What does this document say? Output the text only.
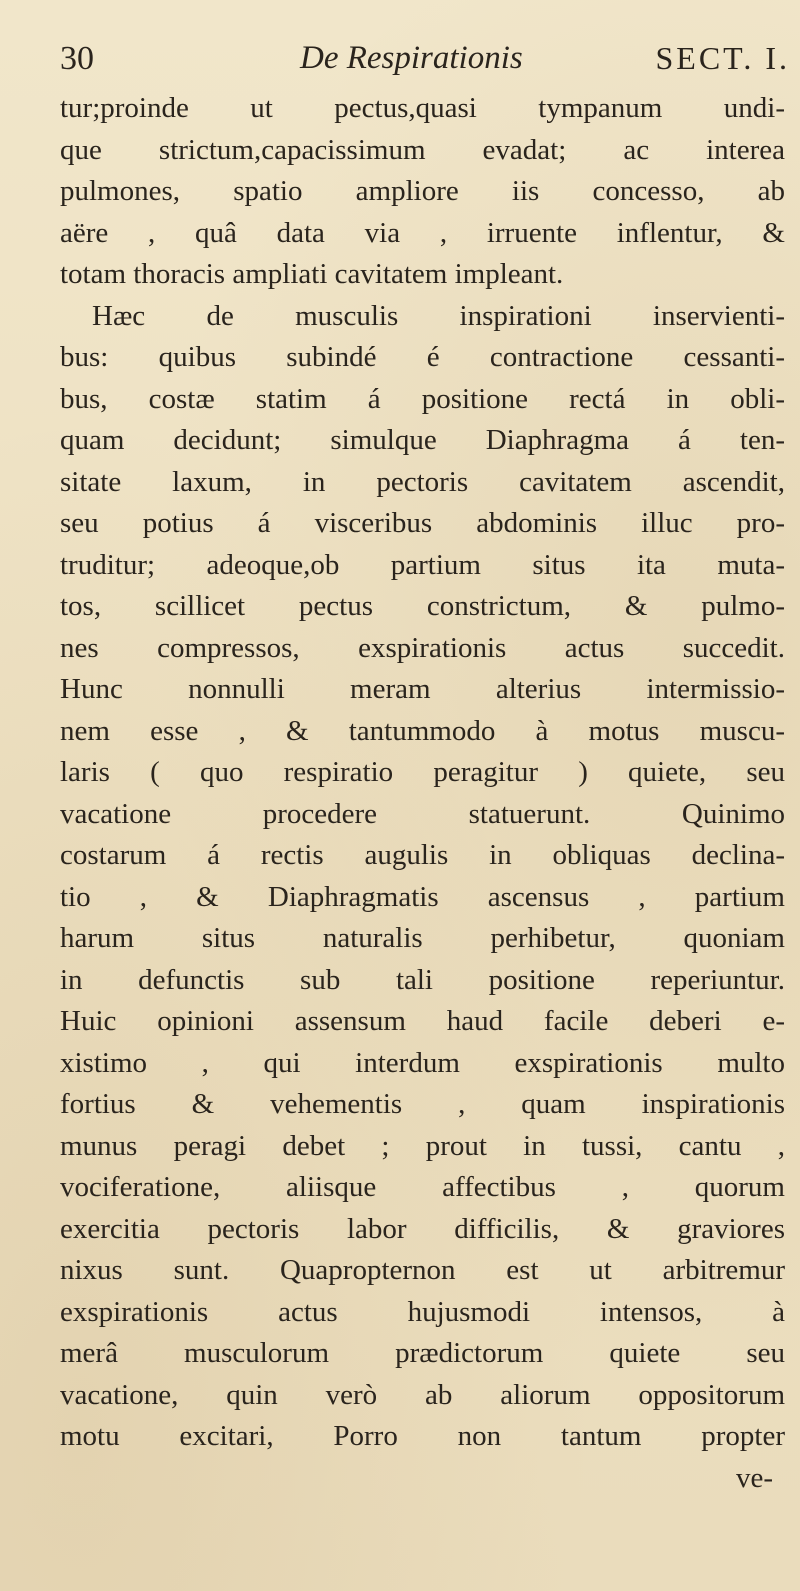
30	De Respirationis	SECT. I.
tur;proinde ut pectus,quasi tympanum undi-
que strictum,capacissimum evadat; ac interea
pulmones, spatio ampliore iis concesso, ab
aëre , quâ data via , irruente inflentur, &
totam thoracis ampliati cavitatem impleant.
Hæc de musculis inspirationi inservienti-
bus: quibus subindé é contractione cessanti-
bus, costæ statim á positione rectá in obli-
quam decidunt; simulque Diaphragma á ten-
sitate laxum, in pectoris cavitatem ascendit,
seu potius á visceribus abdominis illuc pro-
truditur; adeoque,ob partium situs ita muta-
tos, scillicet pectus constrictum, & pulmo-
nes compressos, exspirationis actus succedit.
Hunc nonnulli meram alterius intermissio-
nem esse , & tantummodo à motus muscu-
laris ( quo respiratio peragitur ) quiete, seu
vacatione procedere statuerunt. Quinimo
costarum á rectis augulis in obliquas declina-
tio , & Diaphragmatis ascensus , partium
harum situs naturalis perhibetur, quoniam
in defunctis sub tali positione reperiuntur.
Huic opinioni assensum haud facile deberi e-
xistimo , qui interdum exspirationis multo
fortius & vehementis , quam inspirationis
munus peragi debet ; prout in tussi, cantu ,
vociferatione, aliisque affectibus , quorum
exercitia pectoris labor difficilis, & graviores
nixus sunt. Quapropternon est ut arbitremur
exspirationis actus hujusmodi intensos, à
merâ musculorum prædictorum quiete seu
vacatione, quin verò ab aliorum oppositorum
motu excitari, Porro non tantum propter
ve-
